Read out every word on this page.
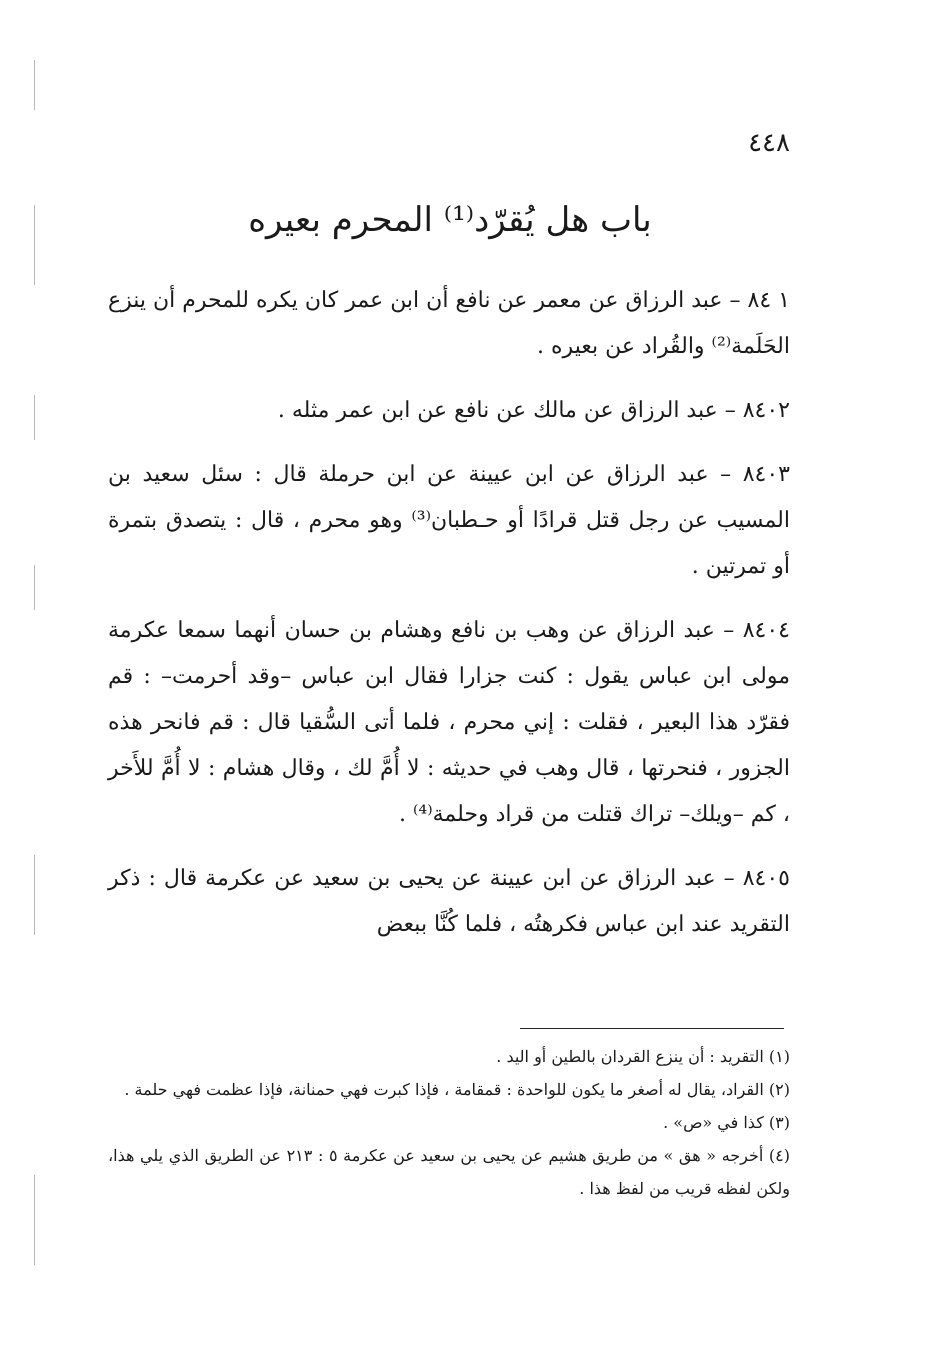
٤٤٨
باب هل يُقرّد⁽¹⁾ المحرم بعيره

١ ٨٤ – عبد الرزاق عن معمر عن نافع أن ابن عمر كان يكره للمحرم أن ينزع الحَلَمة⁽²⁾ والقُراد عن بعيره .

٨٤٠٢ – عبد الرزاق عن مالك عن نافع عن ابن عمر مثله .

٨٤٠٣ – عبد الرزاق عن ابن عيينة عن ابن حرملة قال : سئل سعيد بن المسيب عن رجل قتل قرادًا أو حـطبان⁽³⁾ وهو محرم ، قال : يتصدق بتمرة أو تمرتين .

٨٤٠٤ – عبد الرزاق عن وهب بن نافع وهشام بن حسان أنهما سمعا عكرمة مولى ابن عباس يقول : كنت جزارا فقال ابن عباس –وقد أحرمت– : قم فقرّد هذا البعير ، فقلت : إني محرم ، فلما أتى السُّقيا قال : قم فانحر هذه الجزور ، فنحرتها ، قال وهب في حديثه : لا أُمَّ لك ، وقال هشام : لا أُمَّ للأَخر ، كم –ويلك– تراك قتلت من قراد وحلمة⁽⁴⁾ .

٨٤٠٥ – عبد الرزاق عن ابن عيينة عن يحيى بن سعيد عن عكرمة قال : ذكر التقريد عند ابن عباس فكرهتُه ، فلما كُنَّا ببعض

(١) التقريد : أن ينزع القردان بالطين أو اليد .

(٢) القراد، يقال له أصغر ما يكون للواحدة : قمقامة ، فإذا كبرت فهي حمنانة، فإذا عظمت فهي حلمة .

(٣) كذا في «ص» .

(٤) أخرجه « هق » من طريق هشيم عن يحيى بن سعيد عن عكرمة ٥ : ٢١٣ عن الطريق الذي يلي هذا، ولكن لفظه قريب من لفظ هذا .
